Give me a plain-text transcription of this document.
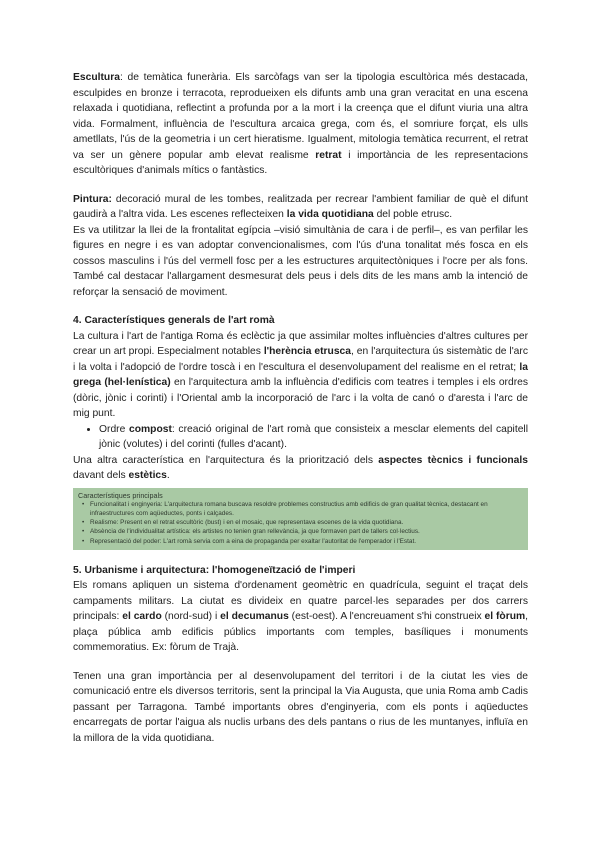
Escultura: de temàtica funerària. Els sarcòfags van ser la tipologia escultòrica més destacada, esculpides en bronze i terracota, reprodueixen els difunts amb una gran veracitat en una escena relaxada i quotidiana, reflectint a profunda por a la mort i la creença que el difunt viuria una altra vida. Formalment, influència de l'escultura arcaica grega, com és, el somriure forçat, els ulls ametllats, l'ús de la geometria i un cert hieratisme. Igualment, mitologia temàtica recurrent, el retrat va ser un gènere popular amb elevat realisme retrat i importància de les representacions escultòriques d'animals mítics o fantàstics.

Pintura: decoració mural de les tombes, realitzada per recrear l'ambient familiar de què el difunt gaudirà a l'altra vida. Les escenes reflecteixen la vida quotidiana del poble etrusc.

Es va utilitzar la llei de la frontalitat egípcia –visió simultània de cara i de perfil–, es van perfilar les figures en negre i es van adoptar convencionalismes, com l'ús d'una tonalitat més fosca en els cossos masculins i l'ús del vermell fosc per a les estructures arquitectòniques i l'ocre per als fons. També cal destacar l'allargament desmesurat dels peus i dels dits de les mans amb la intenció de reforçar la sensació de moviment.

4. Característiques generals de l'art romà

La cultura i l'art de l'antiga Roma és eclèctic ja que assimilar moltes influències d'altres cultures per crear un art propi. Especialment notables l'herència etrusca, en l'arquitectura ús sistemàtic de l'arc i la volta i l'adopció de l'ordre toscà i en l'escultura el desenvolupament del realisme en el retrat; la grega (hel·lenística) en l'arquitectura amb la influència d'edificis com teatres i temples i els ordres (dòric, jònic i corinti) i l'Oriental amb la incorporació de l'arc i la volta de canó o d'aresta i l'arc de mig punt.

• Ordre compost: creació original de l'art romà que consisteix a mesclar elements del capitell jònic (volutes) i del corinti (fulles d'acant).

Una altra característica en l'arquitectura és la priorització dels aspectes tècnics i funcionals davant dels estètics.

Característiques principals
• Funcionalitat i enginyeria: L'arquitectura romana buscava resoldre problemes constructius amb edificis de gran qualitat tècnica, destacant en infraestructures com aqüeductes, ponts i calçades.
• Realisme: Present en el retrat escultòric (bust) i en el mosaic, que representava escenes de la vida quotidiana.
• Absència de l'individualitat artística: els artistes no tenien gran rellevància, ja que formaven part de tallers col·lectius.
• Representació del poder: L'art romà servia com a eina de propaganda per exaltar l'autoritat de l'emperador i l'Estat.
5. Urbanisme i arquitectura: l'homogeneïtzació de l'imperi

Els romans apliquen un sistema d'ordenament geomètric en quadrícula, seguint el traçat dels campaments militars. La ciutat es divideix en quatre parcel·les separades per dos carrers principals: el cardo (nord-sud) i el decumanus (est-oest). A l'encreuament s'hi construeix el fòrum, plaça pública amb edificis públics importants com temples, basíliques i monuments commemoratius. Ex: fòrum de Trajà.

Tenen una gran importància per al desenvolupament del territori i de la ciutat les vies de comunicació entre els diversos territoris, sent la principal la Via Augusta, que unia Roma amb Cadis passant per Tarragona. També importants obres d'enginyeria, com els ponts i aqüeductes encarregats de portar l'aigua als nuclis urbans des dels pantans o rius de les muntanyes, influïa en la millora de la vida quotidiana.
